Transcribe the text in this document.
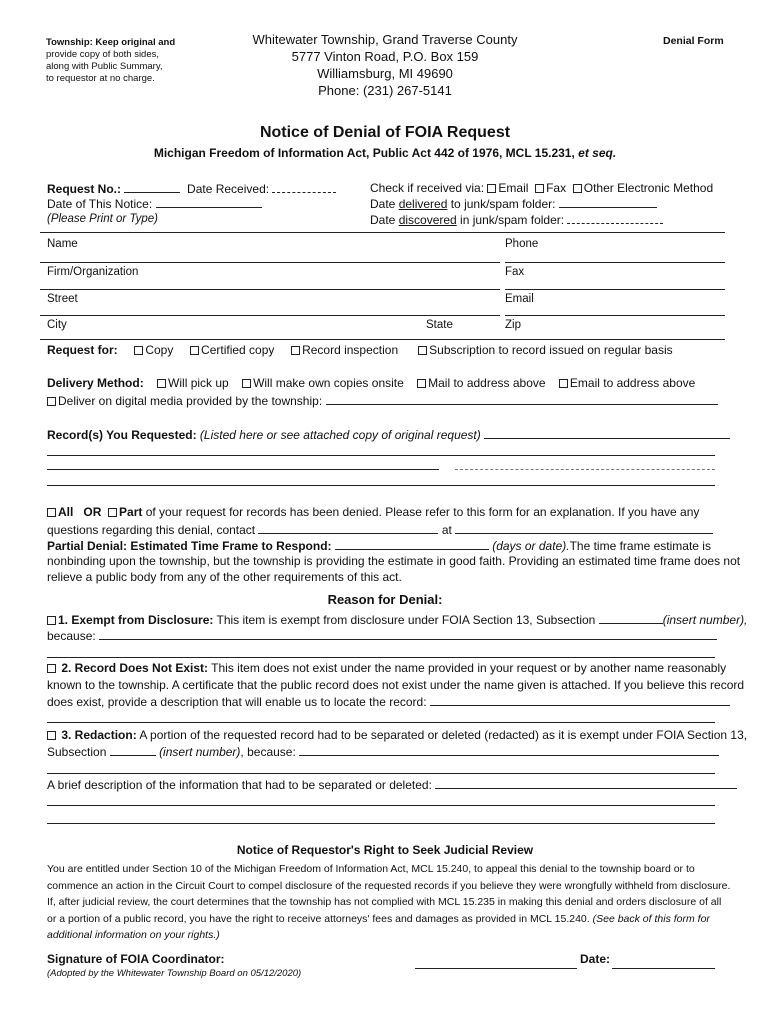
Township: Keep original and
provide copy of both sides,
along with Public Summary,
to requestor at no charge.
Whitewater Township, Grand Traverse County
5777 Vinton Road, P.O. Box 159
Williamsburg, MI 49690
Phone: (231) 267-5141
Denial Form
Notice of Denial of FOIA Request
Michigan Freedom of Information Act, Public Act 442 of 1976, MCL 15.231, et seq.
Request No.:	Date Received:
Date of This Notice:
(Please Print or Type)
Check if received via: Email Fax Other Electronic Method
Date delivered to junk/spam folder:
Date discovered in junk/spam folder:
Name	Phone
Firm/Organization	Fax
Street	Email
City	State	Zip
Request for: Copy Certified copy Record inspection	Subscription to record issued on regular basis
Delivery Method: Will pick up Will make own copies onsite Mail to address above Email to address above
Deliver on digital media provided by the township:
Record(s) You Requested: (Listed here or see attached copy of original request)
All OR Part of your request for records has been denied. Please refer to this form for an explanation. If you have any
questions regarding this denial, contact	at
Partial Denial: Estimated Time Frame to Respond:	(days or date).The time frame estimate is
nonbinding upon the township, but the township is providing the estimate in good faith. Providing an estimated time frame does not
relieve a public body from any of the other requirements of this act.
Reason for Denial:
1. Exempt from Disclosure: This item is exempt from disclosure under FOIA Section 13, Subsection	(insert number),
because:
2. Record Does Not Exist: This item does not exist under the name provided in your request or by another name reasonably
known to the township. A certificate that the public record does not exist under the name given is attached. If you believe this record
does exist, provide a description that will enable us to locate the record:
3. Redaction: A portion of the requested record had to be separated or deleted (redacted) as it is exempt under FOIA Section 13,
Subsection	(insert number), because:
A brief description of the information that had to be separated or deleted:
Notice of Requestor's Right to Seek Judicial Review
You are entitled under Section 10 of the Michigan Freedom of Information Act, MCL 15.240, to appeal this denial to the township board or to
commence an action in the Circuit Court to compel disclosure of the requested records if you believe they were wrongfully withheld from disclosure.
If, after judicial review, the court determines that the township has not complied with MCL 15.235 in making this denial and orders disclosure of all
or a portion of a public record, you have the right to receive attorneys' fees and damages as provided in MCL 15.240. (See back of this form for
additional information on your rights.)
Signature of FOIA Coordinator:	Date:
(Adopted by the Whitewater Township Board on 05/12/2020)
